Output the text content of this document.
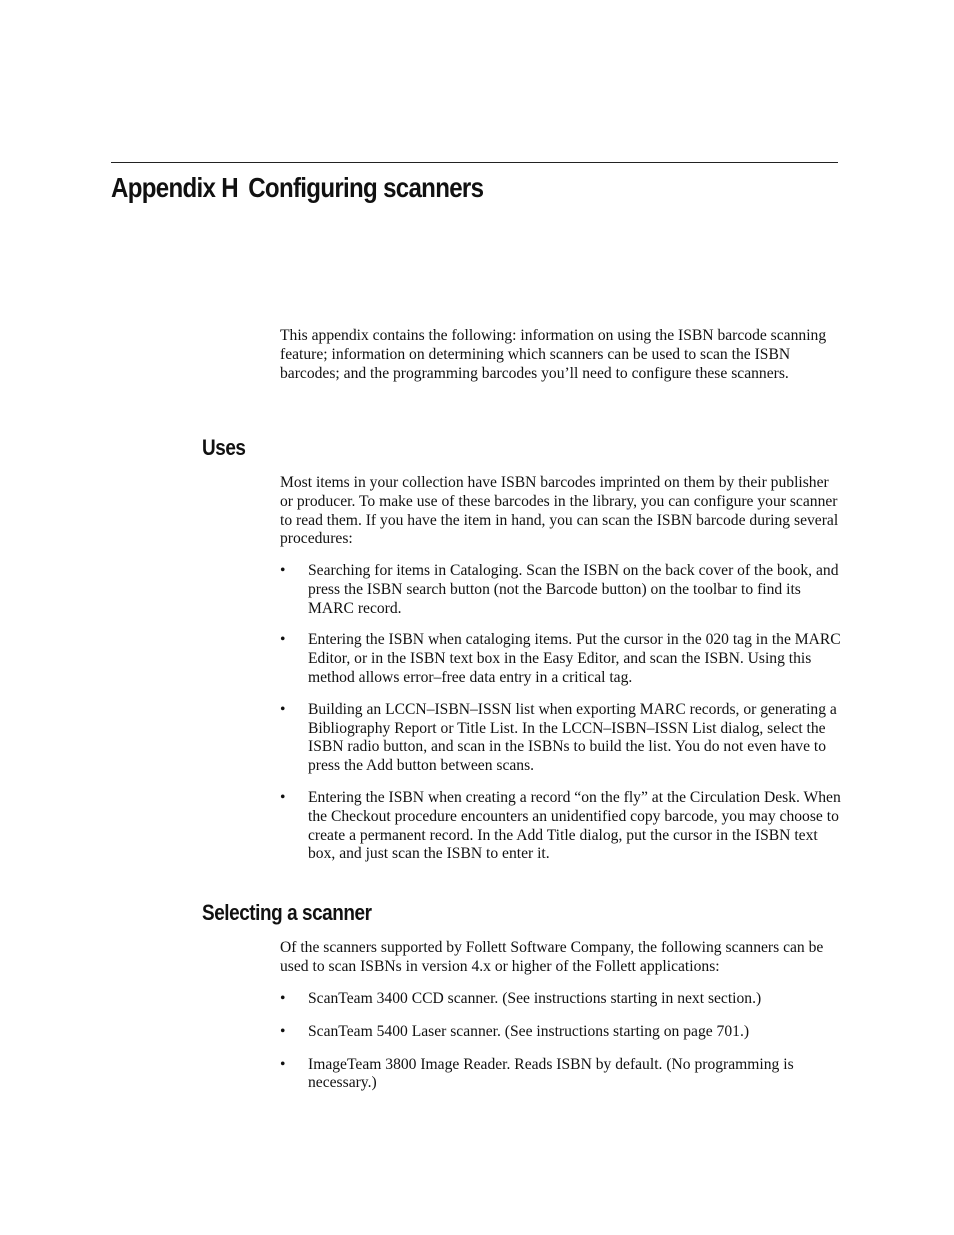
Appendix H Configuring scanners

This appendix contains the following: information on using the ISBN barcode scanning feature; information on determining which scanners can be used to scan the ISBN barcodes; and the programming barcodes you’ll need to configure these scanners.

Uses

Most items in your collection have ISBN barcodes imprinted on them by their publisher or producer. To make use of these barcodes in the library, you can configure your scanner to read them. If you have the item in hand, you can scan the ISBN barcode during several procedures:

• Searching for items in Cataloging. Scan the ISBN on the back cover of the book, and press the ISBN search button (not the Barcode button) on the toolbar to find its MARC record.
• Entering the ISBN when cataloging items. Put the cursor in the 020 tag in the MARC Editor, or in the ISBN text box in the Easy Editor, and scan the ISBN. Using this method allows error–free data entry in a critical tag.
• Building an LCCN–ISBN–ISSN list when exporting MARC records, or generating a Bibliography Report or Title List. In the LCCN–ISBN–ISSN List dialog, select the ISBN radio button, and scan in the ISBNs to build the list. You do not even have to press the Add button between scans.
• Entering the ISBN when creating a record “on the fly” at the Circulation Desk. When the Checkout procedure encounters an unidentified copy barcode, you may choose to create a permanent record. In the Add Title dialog, put the cursor in the ISBN text box, and just scan the ISBN to enter it.
Selecting a scanner

Of the scanners supported by Follett Software Company, the following scanners can be used to scan ISBNs in version 4.x or higher of the Follett applications:

• ScanTeam 3400 CCD scanner. (See instructions starting in next section.)
• ScanTeam 5400 Laser scanner. (See instructions starting on page 701.)
• ImageTeam 3800 Image Reader. Reads ISBN by default. (No programming is necessary.)
